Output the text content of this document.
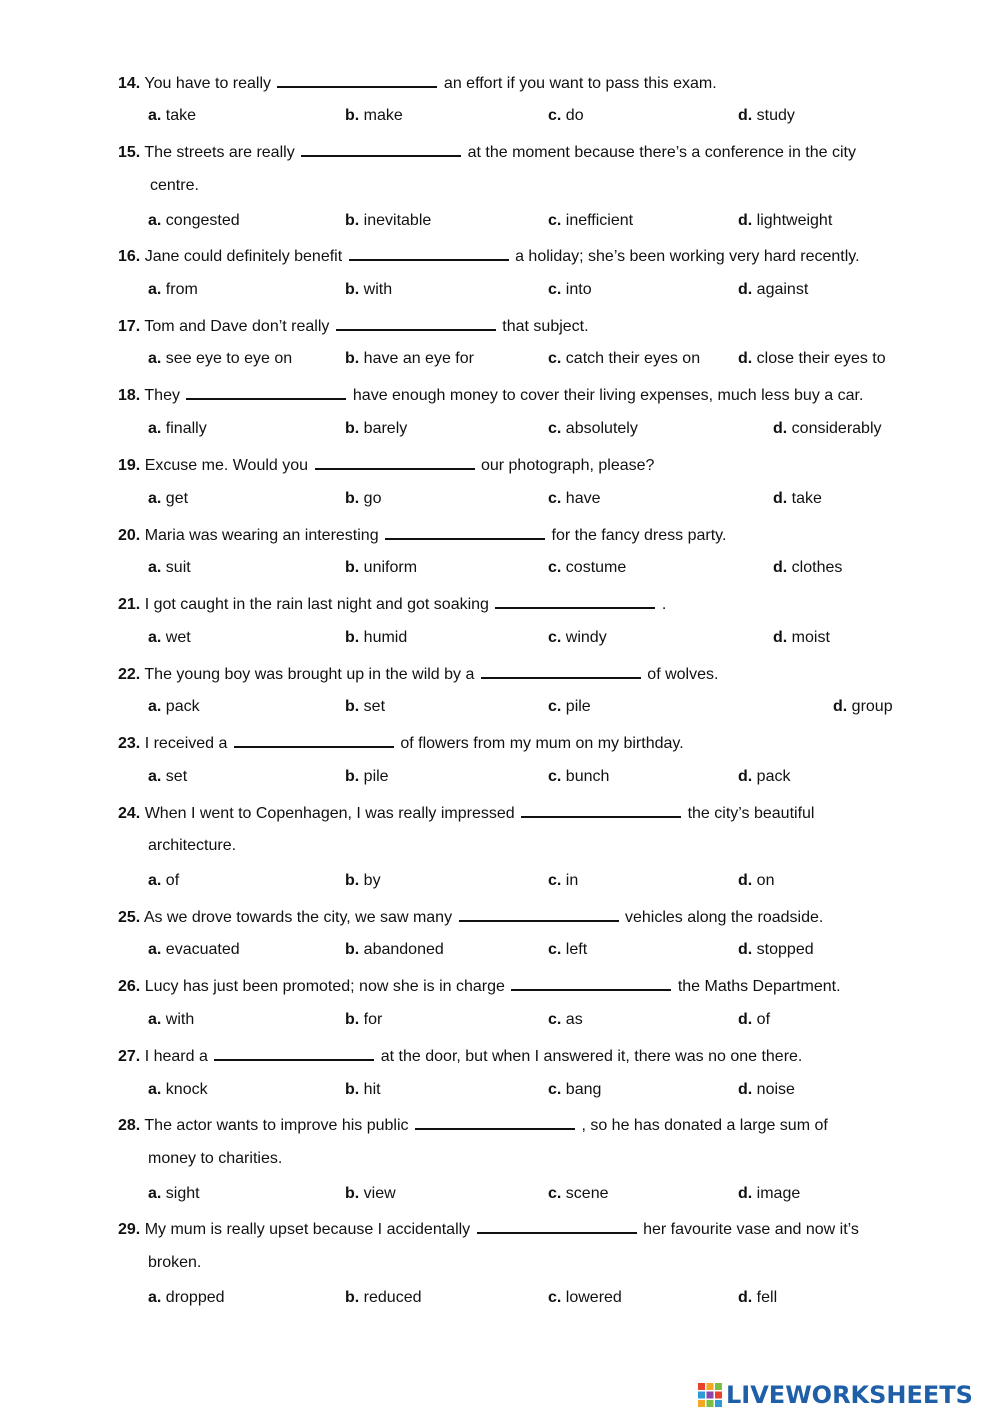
14. You have to really	an effort if you want to pass this exam.
a. take	b. make	c. do	d. study
15. The streets are really	at the moment because there’s a conference in the city
centre.
a. congested	b. inevitable	c. inefficient	d. lightweight
16. Jane could definitely benefit	a holiday; she’s been working very hard recently.
a. from	b. with	c. into	d. against
17. Tom and Dave don’t really	that subject.
a. see eye to eye on	b. have an eye for	c. catch their eyes on d. close their eyes to
18. They	have enough money to cover their living expenses, much less buy a car.
a. finally	b. barely	c. absolutely	d. considerably
19. Excuse me. Would you	our photograph, please?
a. get	b. go	c. have	d. take
20. Maria was wearing an interesting	for the fancy dress party.
a. suit	b. uniform	c. costume	d. clothes
21. I got caught in the rain last night and got soaking	.
a. wet	b. humid	c. windy	d. moist
22. The young boy was brought up in the wild by a	of wolves.
a. pack	b. set	c. pile	d. group
23. I received a	of flowers from my mum on my birthday.
a. set	b. pile	c. bunch	d. pack
24. When I went to Copenhagen, I was really impressed	the city’s beautiful
architecture.
a. of	b. by	c. in	d. on
25. As we drove towards the city, we saw many	vehicles along the roadside.
a. evacuated	b. abandoned	c. left	d. stopped
26. Lucy has just been promoted; now she is in charge	the Maths Department.
a. with	b. for	c. as	d. of
27. I heard a	at the door, but when I answered it, there was no one there.
a. knock	b. hit	c. bang	d. noise
28. The actor wants to improve his public	, so he has donated a large sum of
money to charities.
a. sight	b. view	c. scene	d. image
29. My mum is really upset because I accidentally	her favourite vase and now it’s
broken.
a. dropped	b. reduced	c. lowered	d. fell
LIVEWORKSHEETS
